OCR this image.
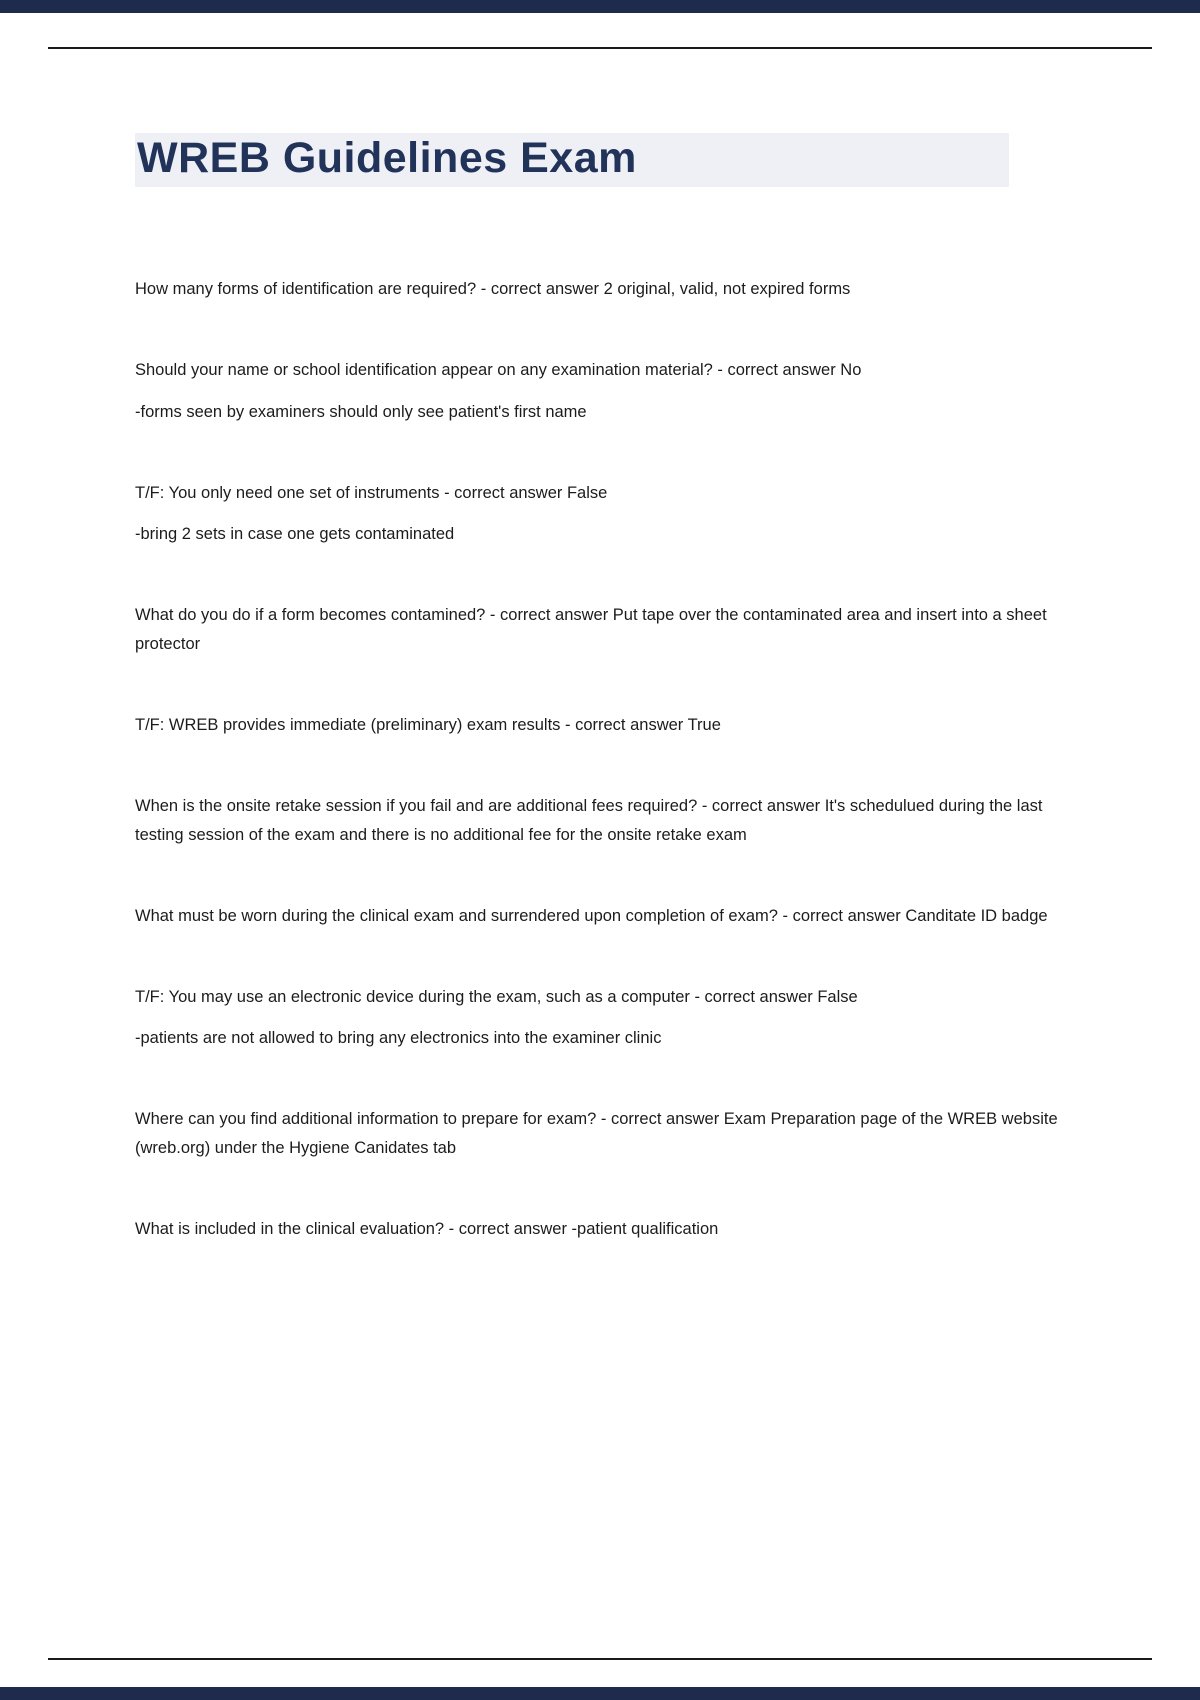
WREB Guidelines Exam

How many forms of identification are required? - correct answer 2 original, valid, not expired forms

Should your name or school identification appear on any examination material? - correct answer No

-forms seen by examiners should only see patient's first name

T/F: You only need one set of instruments - correct answer False

-bring 2 sets in case one gets contaminated

What do you do if a form becomes contamined? - correct answer Put tape over the contaminated area and insert into a sheet protector

T/F: WREB provides immediate (preliminary) exam results - correct answer True

When is the onsite retake session if you fail and are additional fees required? - correct answer It's schedulued during the last testing session of the exam and there is no additional fee for the onsite retake exam

What must be worn during the clinical exam and surrendered upon completion of exam? - correct answer Canditate ID badge

T/F: You may use an electronic device during the exam, such as a computer - correct answer False

-patients are not allowed to bring any electronics into the examiner clinic

Where can you find additional information to prepare for exam? - correct answer Exam Preparation page of the WREB website (wreb.org) under the Hygiene Canidates tab

What is included in the clinical evaluation? - correct answer -patient qualification
